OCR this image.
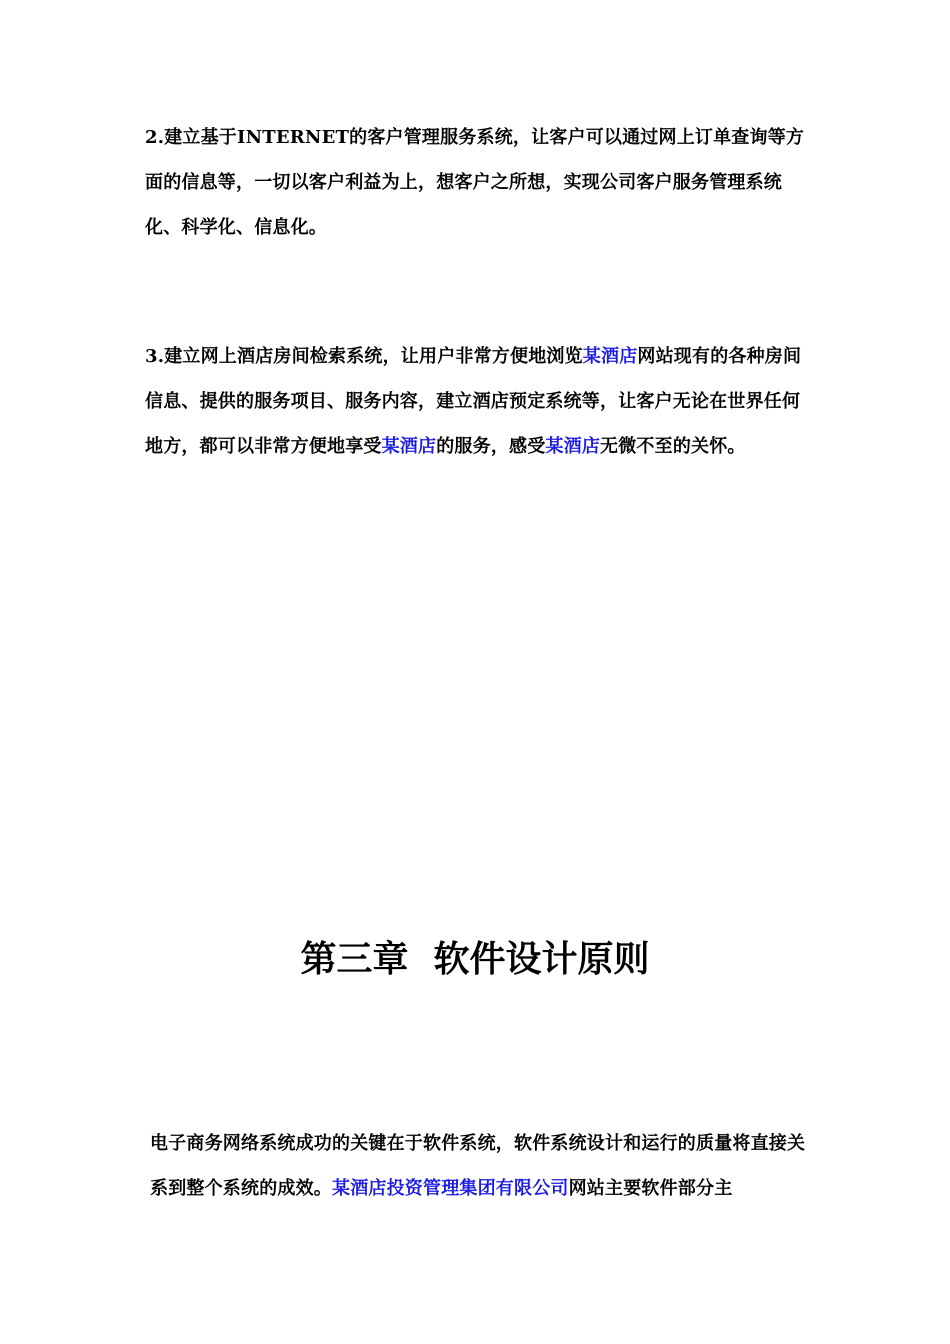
2.建立基于INTERNET的客户管理服务系统，让客户可以通过网上订单查询等方面的信息等，一切以客户利益为上，想客户之所想，实现公司客户服务管理系统化、科学化、信息化。
3.建立网上酒店房间检索系统，让用户非常方便地浏览某酒店网站现有的各种房间信息、提供的服务项目、服务内容，建立酒店预定系统等，让客户无论在世界任何地方，都可以非常方便地享受某酒店的服务，感受某酒店无微不至的关怀。
第三章  软件设计原则
电子商务网络系统成功的关键在于软件系统，软件系统设计和运行的质量将直接关系到整个系统的成效。某酒店投资管理集团有限公司网站主要软件部分主
